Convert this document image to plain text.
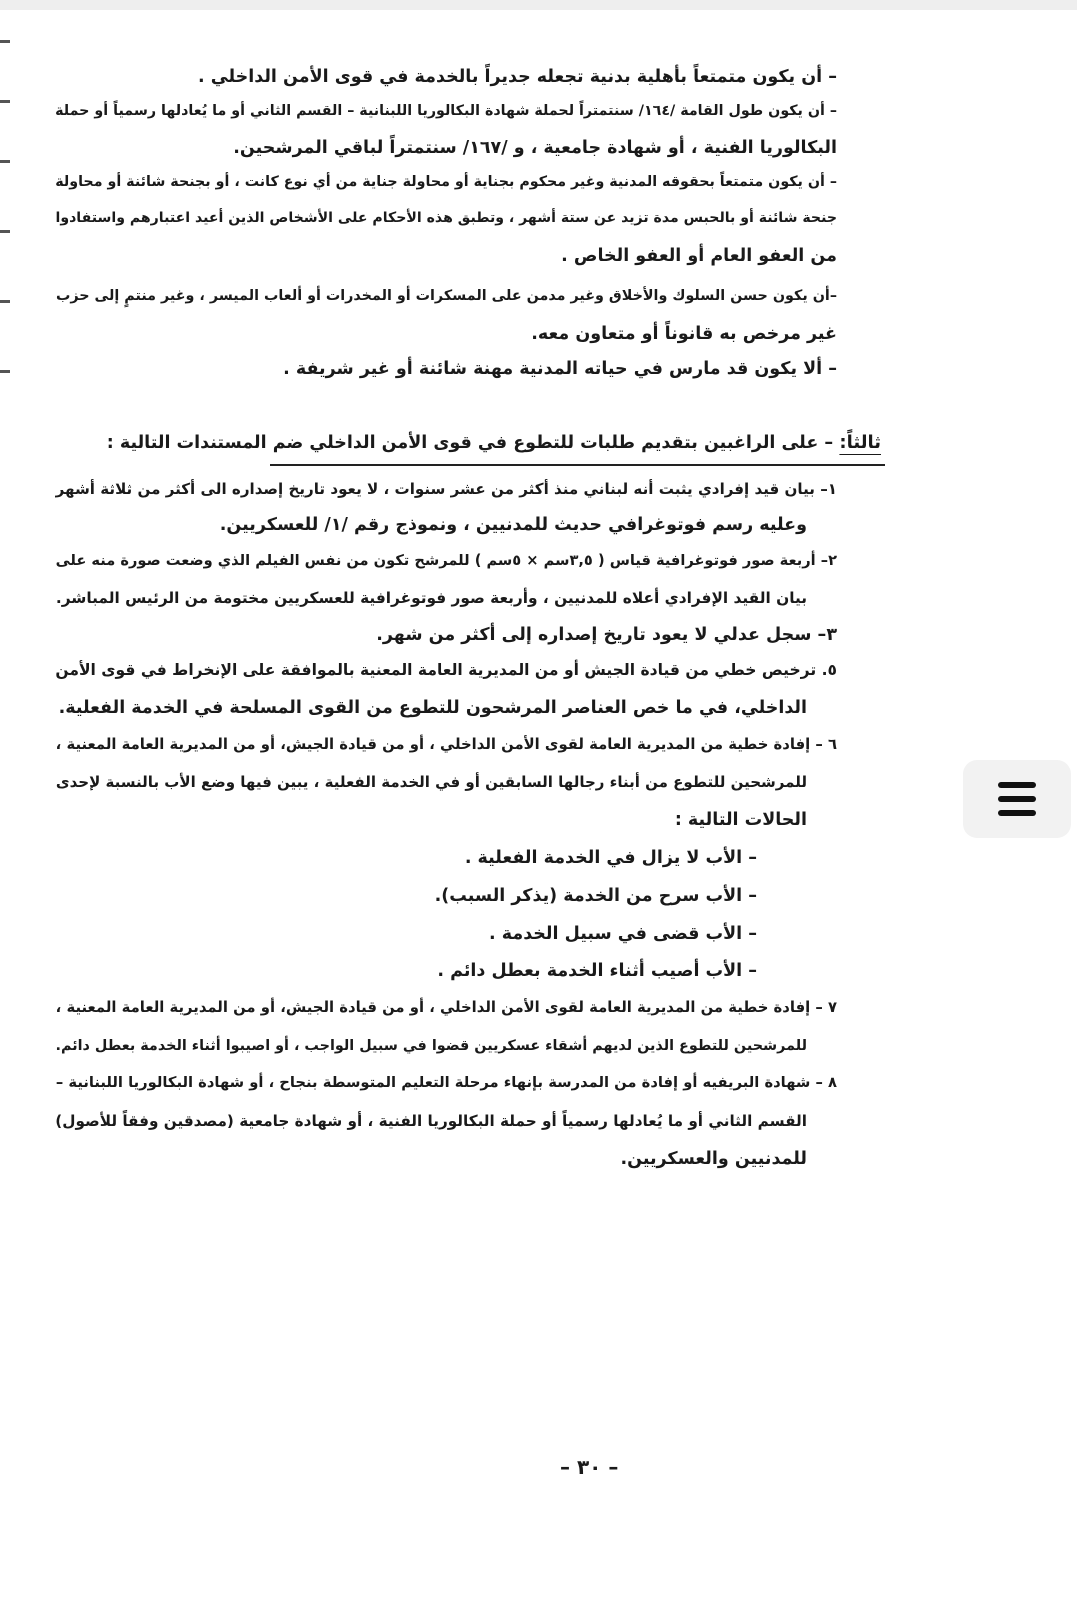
– أن يكون متمتعاً بأهلية بدنية تجعله جديراً بالخدمة في قوى الأمن الداخلي .
– أن يكون طول القامة /١٦٤/ سنتمتراً لحملة شهادة البكالوريا اللبنانية – القسم الثاني أو ما يُعادلها رسمياً أو حملة
البكالوريا الفنية ، أو شهادة جامعية ، و /١٦٧/ سنتمتراً لباقي المرشحين.
– أن يكون متمتعاً بحقوقه المدنية وغير محكوم بجناية أو محاولة جناية من أي نوع كانت ، أو بجنحة شائنة أو محاولة
جنحة شائنة أو بالحبس مدة تزيد عن ستة أشهر ، وتطبق هذه الأحكام على الأشخاص الذين أعيد اعتبارهم واستفادوا
من العفو العام أو العفو الخاص .
–أن يكون حسن السلوك والأخلاق وغير مدمن على المسكرات أو المخدرات أو ألعاب الميسر ، وغير منتمٍ إلى حزب
غير مرخص به قانوناً أو متعاون معه.
– ألا يكون قد مارس في حياته المدنية مهنة شائنة أو غير شريفة .
ثالثاً: – على الراغبين بتقديم طلبات للتطوع في قوى الأمن الداخلي ضم المستندات التالية :
١– بيان قيد إفرادي يثبت أنه لبناني منذ أكثر من عشر سنوات ، لا يعود تاريخ إصداره الى أكثر من ثلاثة أشهر
وعليه رسم فوتوغرافي حديث للمدنيين ، ونموذج رقم /١/ للعسكريين.
٢– أربعة صور فوتوغرافية قياس ( ٣,٥سم × ٥سم ) للمرشح تكون من نفس الفيلم الذي وضعت صورة منه على
بيان القيد الإفرادي أعلاه للمدنيين ، وأربعة صور فوتوغرافية للعسكريين مختومة من الرئيس المباشر.
٣– سجل عدلي لا يعود تاريخ إصداره إلى أكثر من شهر.
٥. ترخيص خطي من قيادة الجيش أو من المديرية العامة المعنية بالموافقة على الإنخراط في قوى الأمن
الداخلي، في ما خص العناصر المرشحون للتطوع من القوى المسلحة في الخدمة الفعلية.
٦ – إفادة خطية من المديرية العامة لقوى الأمن الداخلي ، أو من قيادة الجيش، أو من المديرية العامة المعنية ،
للمرشحين للتطوع من أبناء رجالها السابقين أو في الخدمة الفعلية ، يبين فيها وضع الأب بالنسبة لإحدى
الحالات التالية :
– الأب لا يزال في الخدمة الفعلية .
– الأب سرح من الخدمة (يذكر السبب).
– الأب قضى في سبيل الخدمة .
– الأب أصيب أثناء الخدمة بعطل دائم .
٧ – إفادة خطية من المديرية العامة لقوى الأمن الداخلي ، أو من قيادة الجيش، أو من المديرية العامة المعنية ،
للمرشحين للتطوع الذين لديهم أشقاء عسكريين قضوا في سبيل الواجب ، أو اصيبوا أثناء الخدمة بعطل دائم.
٨ – شهادة البريفيه أو إفادة من المدرسة بإنهاء مرحلة التعليم المتوسطة بنجاح ، أو شهادة البكالوريا اللبنانية –
القسم الثاني أو ما يُعادلها رسمياً أو حملة البكالوريا الفنية ، أو شهادة جامعية (مصدقين وفقاً للأصول)
للمدنيين والعسكريين.
– ٣٠ –
